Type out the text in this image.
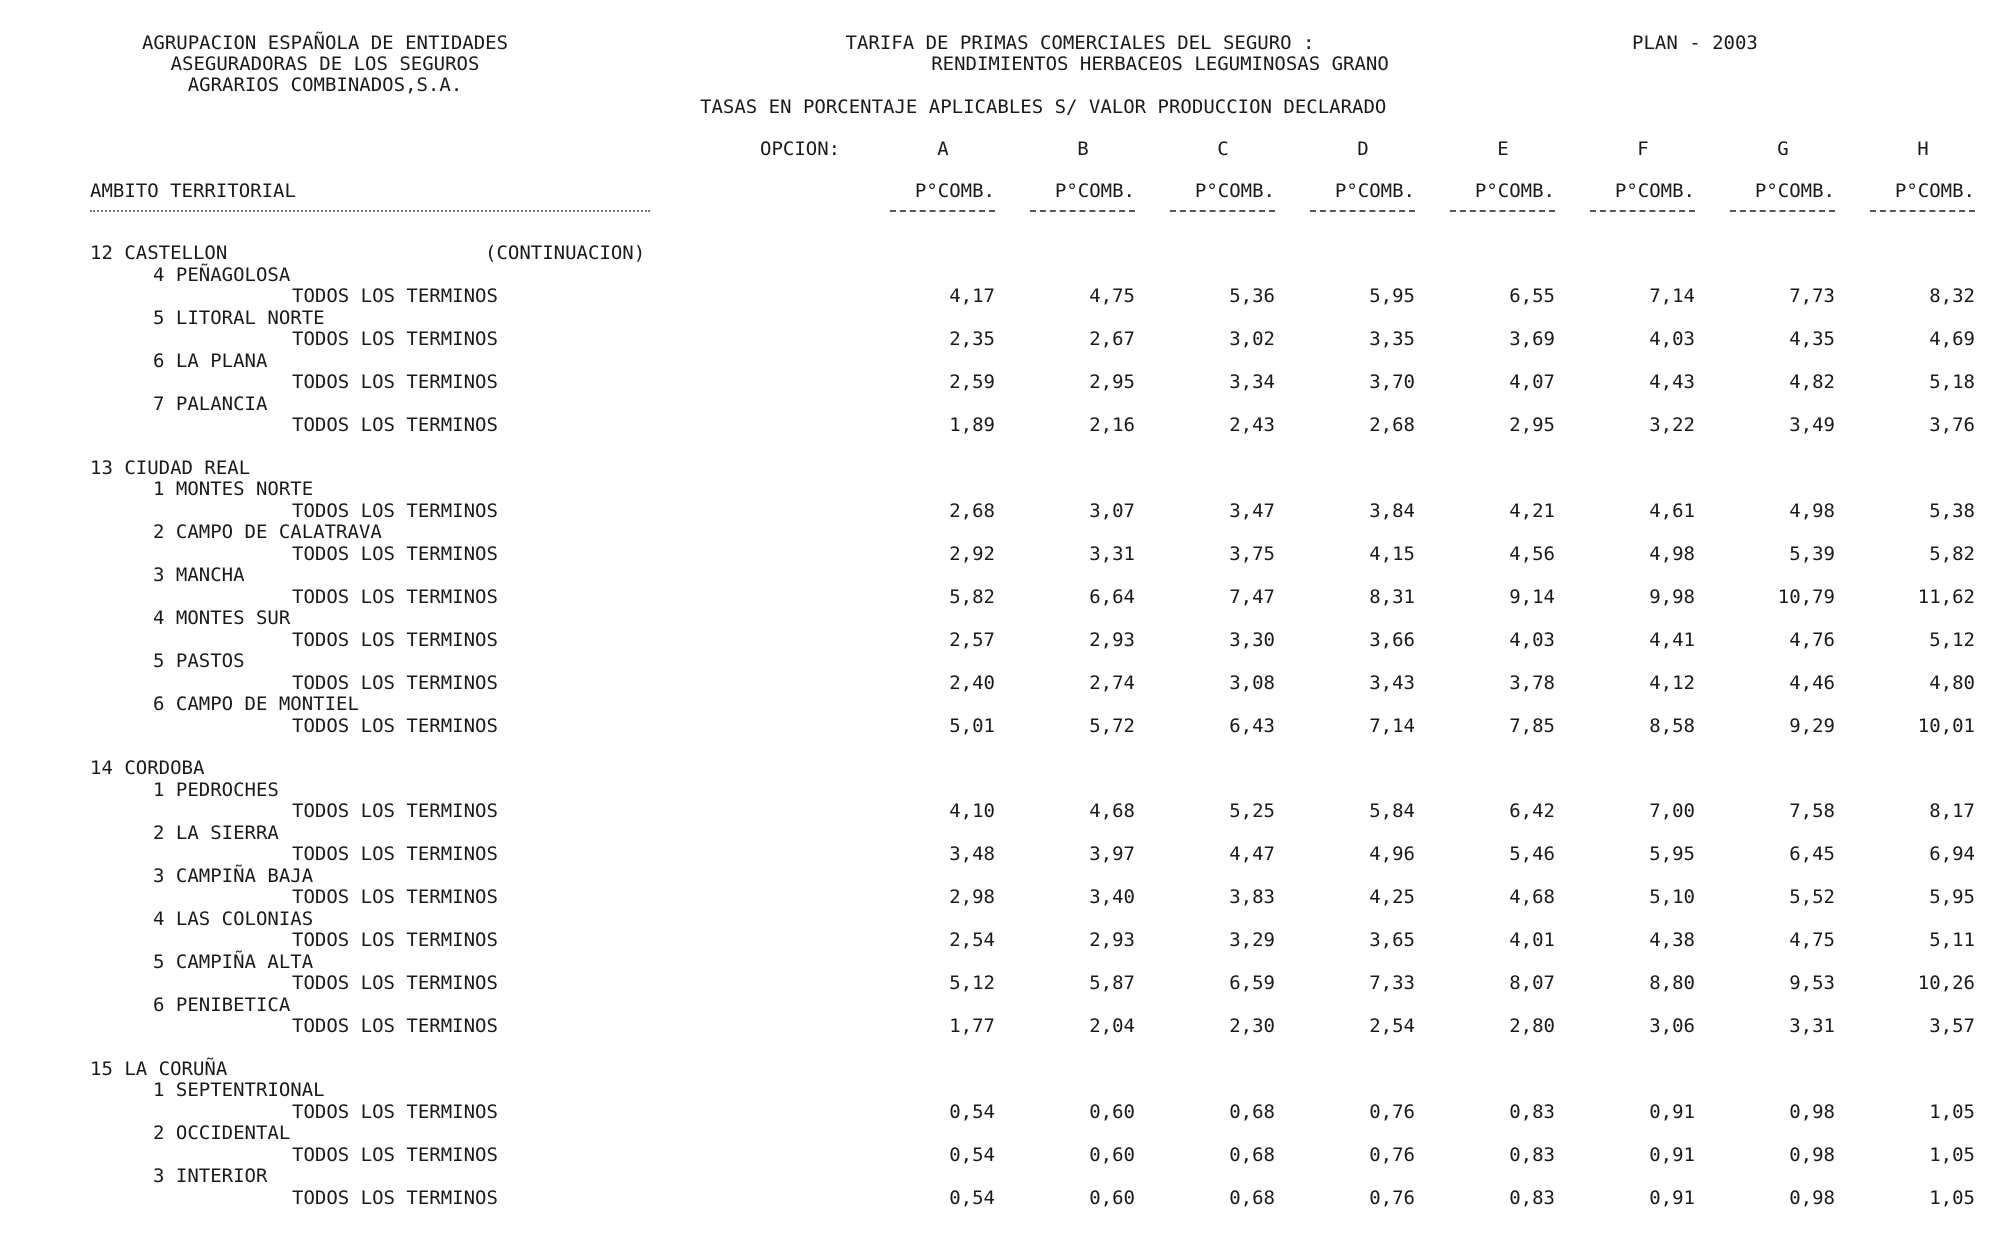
AGRUPACION ESPAÑOLA DE ENTIDADES
ASEGURADORAS DE LOS SEGUROS
AGRARIOS COMBINADOS,S.A.
TARIFA DE PRIMAS COMERCIALES DEL SEGURO :
RENDIMIENTOS HERBACEOS LEGUMINOSAS GRANO
PLAN - 2003
TASAS EN PORCENTAJE APLICABLES S/ VALOR PRODUCCION DECLARADO
OPCION:	A	B	C	D	E	F	G	H
AMBITO TERRITORIAL	P°COMB.	P°COMB.	P°COMB.	P°COMB.	P°COMB.	P°COMB.	P°COMB.	P°COMB.
12 CASTELLON	(CONTINUACION)
4 PEÑAGOLOSA
TODOS LOS TERMINOS	4,17	4,75	5,36	5,95	6,55	7,14	7,73	8,32
5 LITORAL NORTE
TODOS LOS TERMINOS	2,35	2,67	3,02	3,35	3,69	4,03	4,35	4,69
6 LA PLANA
TODOS LOS TERMINOS	2,59	2,95	3,34	3,70	4,07	4,43	4,82	5,18
7 PALANCIA
TODOS LOS TERMINOS	1,89	2,16	2,43	2,68	2,95	3,22	3,49	3,76
13 CIUDAD REAL
1 MONTES NORTE
TODOS LOS TERMINOS	2,68	3,07	3,47	3,84	4,21	4,61	4,98	5,38
2 CAMPO DE CALATRAVA
TODOS LOS TERMINOS	2,92	3,31	3,75	4,15	4,56	4,98	5,39	5,82
3 MANCHA
TODOS LOS TERMINOS	5,82	6,64	7,47	8,31	9,14	9,98	10,79	11,62
4 MONTES SUR
TODOS LOS TERMINOS	2,57	2,93	3,30	3,66	4,03	4,41	4,76	5,12
5 PASTOS
TODOS LOS TERMINOS	2,40	2,74	3,08	3,43	3,78	4,12	4,46	4,80
6 CAMPO DE MONTIEL
TODOS LOS TERMINOS	5,01	5,72	6,43	7,14	7,85	8,58	9,29	10,01
14 CORDOBA
1 PEDROCHES
TODOS LOS TERMINOS	4,10	4,68	5,25	5,84	6,42	7,00	7,58	8,17
2 LA SIERRA
TODOS LOS TERMINOS	3,48	3,97	4,47	4,96	5,46	5,95	6,45	6,94
3 CAMPIÑA BAJA
TODOS LOS TERMINOS	2,98	3,40	3,83	4,25	4,68	5,10	5,52	5,95
4 LAS COLONIAS
TODOS LOS TERMINOS	2,54	2,93	3,29	3,65	4,01	4,38	4,75	5,11
5 CAMPIÑA ALTA
TODOS LOS TERMINOS	5,12	5,87	6,59	7,33	8,07	8,80	9,53	10,26
6 PENIBETICA
TODOS LOS TERMINOS	1,77	2,04	2,30	2,54	2,80	3,06	3,31	3,57
15 LA CORUÑA
1 SEPTENTRIONAL
TODOS LOS TERMINOS	0,54	0,60	0,68	0,76	0,83	0,91	0,98	1,05
2 OCCIDENTAL
TODOS LOS TERMINOS	0,54	0,60	0,68	0,76	0,83	0,91	0,98	1,05
3 INTERIOR
TODOS LOS TERMINOS	0,54	0,60	0,68	0,76	0,83	0,91	0,98	1,05
